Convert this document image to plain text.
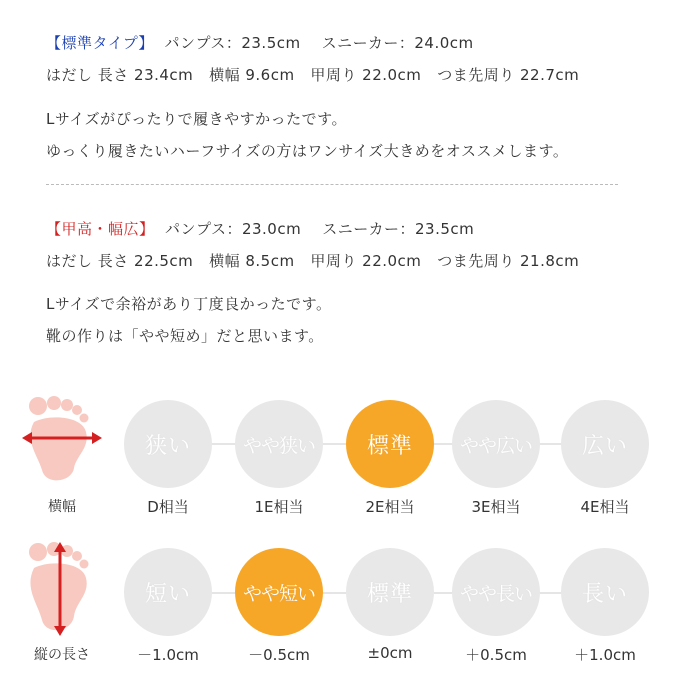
【標準タイプ】  パンプス：23.5cm    スニーカー：24.0cm
はだし 長さ 23.4cm   横幅 9.6cm   甲周り 22.0cm   つま先周り 22.7cm
Lサイズがぴったりで履きやすかったです。
ゆっくり履きたいハーフサイズの方はワンサイズ大きめをオススメします。
【甲高・幅広】  パンプス：23.0cm    スニーカー：23.5cm
はだし 長さ 22.5cm   横幅 8.5cm   甲周り 22.0cm   つま先周り 21.8cm
Lサイズで余裕があり丁度良かったです。
靴の作りは「やや短め」だと思います。
横幅
狭い	やや狭い 標準 やや広い 広い
D相当	1E相当	2E相当	3E相当	4E相当
縦の長さ
短い	やや短い 標準 やや長い 長い
－1.0cm	－0.5cm	±0cm	＋0.5cm	＋1.0cm
